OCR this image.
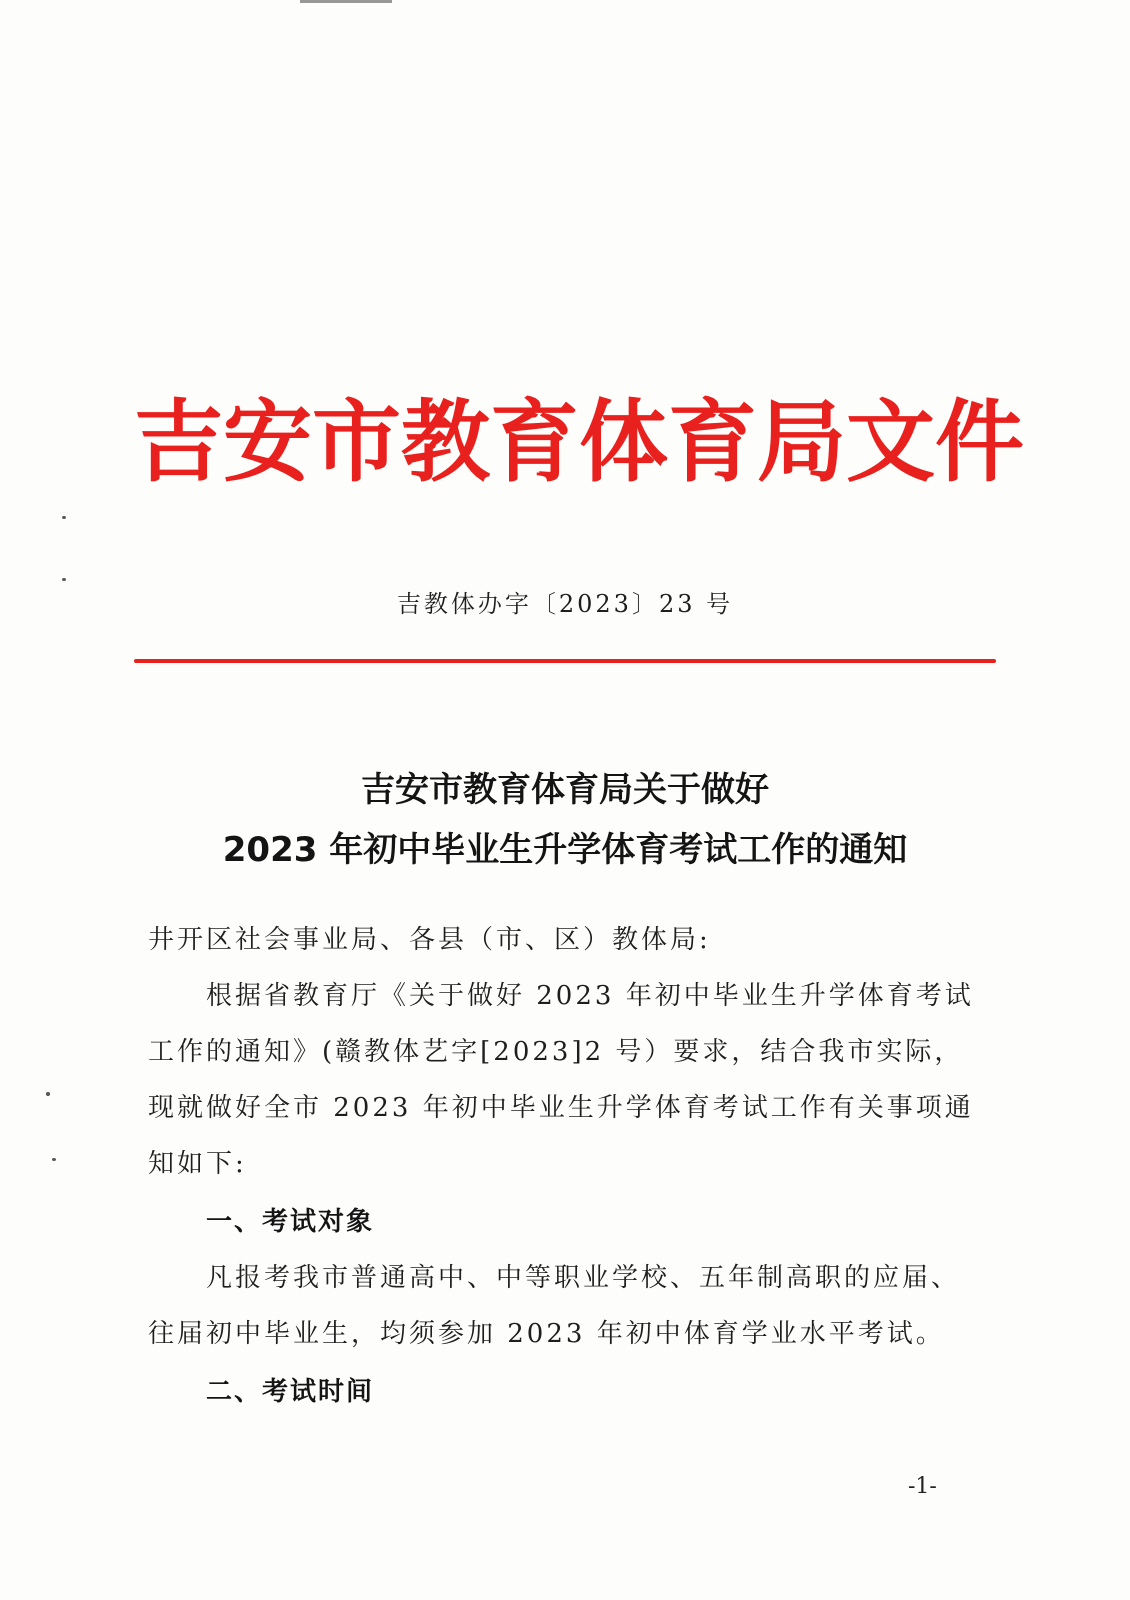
吉安市教育体育局文件
吉教体办字〔2023〕23 号
吉安市教育体育局关于做好
2023 年初中毕业生升学体育考试工作的通知

井开区社会事业局、各县（市、区）教体局:

根据省教育厅《关于做好 2023 年初中毕业生升学体育考试

工作的通知》(赣教体艺字[2023]2 号）要求，结合我市实际，

现就做好全市 2023 年初中毕业生升学体育考试工作有关事项通

知如下:

一、考试对象

凡报考我市普通高中、中等职业学校、五年制高职的应届、

往届初中毕业生，均须参加 2023 年初中体育学业水平考试。

二、考试时间
-1-
